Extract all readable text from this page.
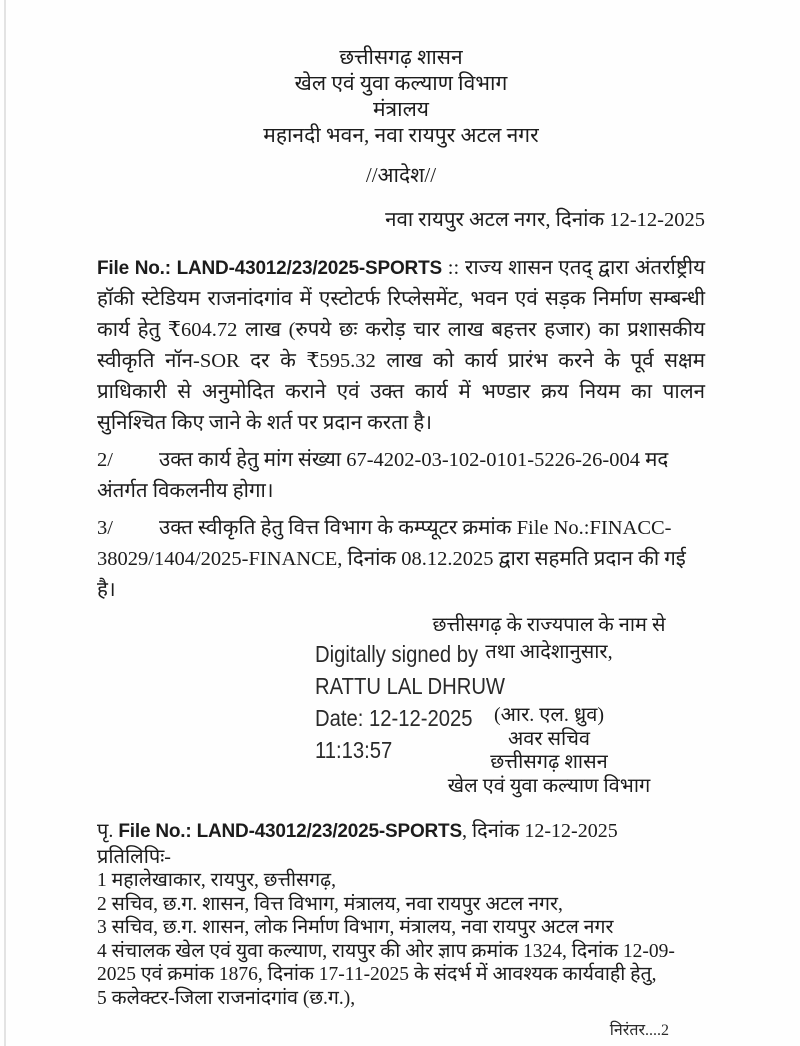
छत्तीसगढ़ शासन
खेल एवं युवा कल्याण विभाग
मंत्रालय
महानदी भवन, नवा रायपुर अटल नगर
//आदेश//
नवा रायपुर अटल नगर, दिनांक 12-12-2025
File No.: LAND-43012/23/2025-SPORTS :: राज्य शासन एतद् द्वारा अंतर्राष्ट्रीय हॉकी स्टेडियम राजनांदगांव में एस्टोटर्फ रिप्लेसमेंट, भवन एवं सड़क निर्माण सम्बन्धी कार्य हेतु ₹604.72 लाख (रुपये छः करोड़ चार लाख बहत्तर हजार) का प्रशासकीय स्वीकृति नॉन-SOR दर के ₹595.32 लाख को कार्य प्रारंभ करने के पूर्व सक्षम प्राधिकारी से अनुमोदित कराने एवं उक्त कार्य में भण्डार क्रय नियम का पालन सुनिश्चित किए जाने के शर्त पर प्रदान करता है।
2/ उक्त कार्य हेतु मांग संख्या 67-4202-03-102-0101-5226-26-004 मद अंतर्गत विकलनीय होगा।
3/ उक्त स्वीकृति हेतु वित्त विभाग के कम्प्यूटर क्रमांक File No.:FINACC-38029/1404/2025-FINANCE, दिनांक 08.12.2025 द्वारा सहमति प्रदान की गई है।
Digitally signed by
RATTU LAL DHRUW
Date: 12-12-2025
11:13:57
छत्तीसगढ़ के राज्यपाल के नाम से
तथा आदेशानुसार,
(आर. एल. ध्रुव)
अवर सचिव
छत्तीसगढ़ शासन
खेल एवं युवा कल्याण विभाग
पृ. File No.: LAND-43012/23/2025-SPORTS, दिनांक 12-12-2025
प्रतिलिपिः-
1 महालेखाकार, रायपुर, छत्तीसगढ़,
2 सचिव, छ.ग. शासन, वित्त विभाग, मंत्रालय, नवा रायपुर अटल नगर,
3 सचिव, छ.ग. शासन, लोक निर्माण विभाग, मंत्रालय, नवा रायपुर अटल नगर
4 संचालक खेल एवं युवा कल्याण, रायपुर की ओर ज्ञाप क्रमांक 1324, दिनांक 12-09-2025 एवं क्रमांक 1876, दिनांक 17-11-2025 के संदर्भ में आवश्यक कार्यवाही हेतु,
5 कलेक्टर-जिला राजनांदगांव (छ.ग.),
निरंतर....2
